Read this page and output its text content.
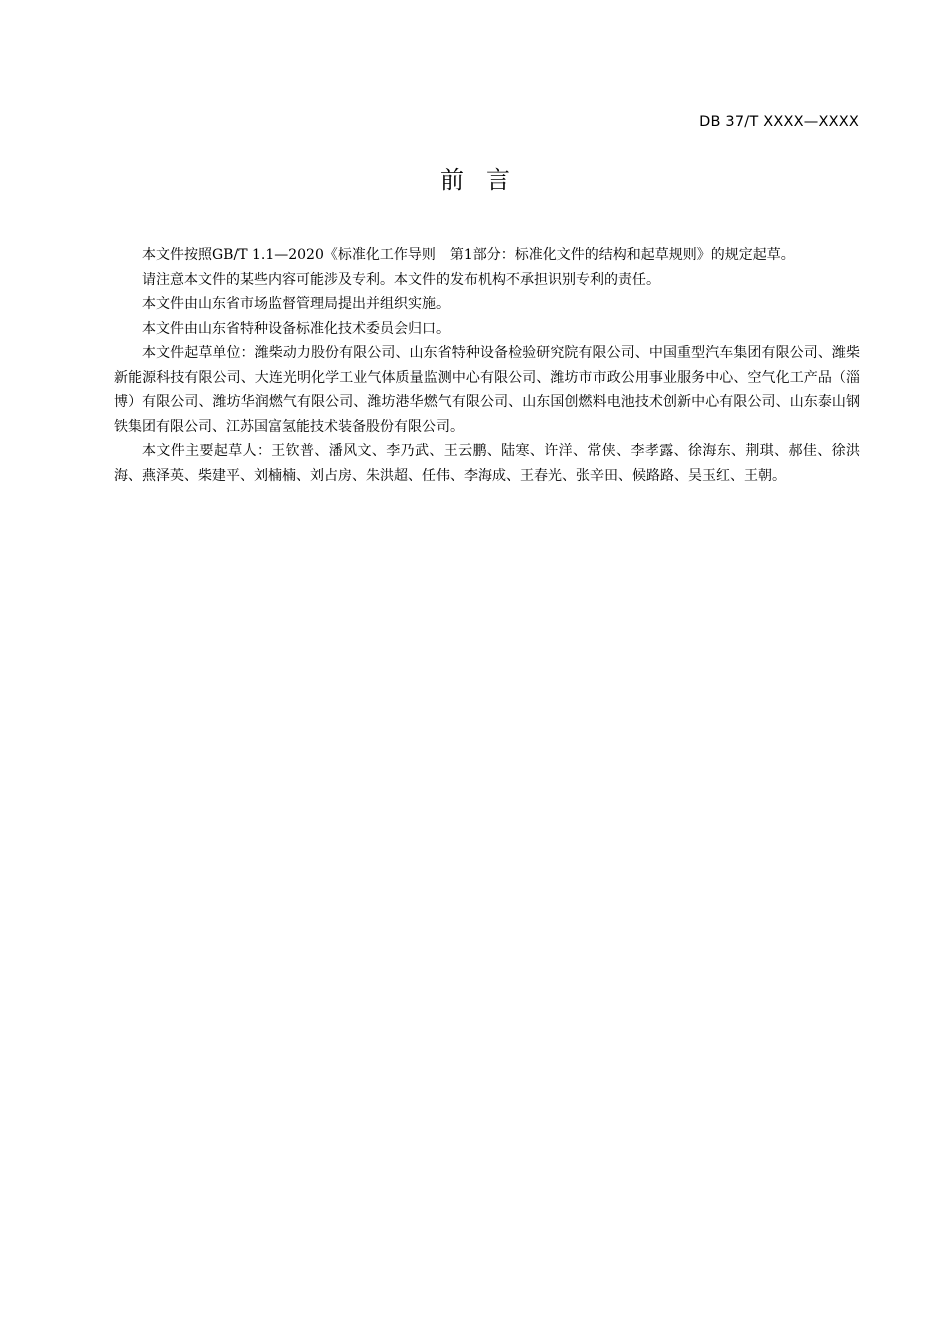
DB 37/T XXXX—XXXX
前言

本文件按照GB/T 1.1—2020《标准化工作导则　第1部分：标准化文件的结构和起草规则》的规定起草。

请注意本文件的某些内容可能涉及专利。本文件的发布机构不承担识别专利的责任。

本文件由山东省市场监督管理局提出并组织实施。

本文件由山东省特种设备标准化技术委员会归口。

本文件起草单位：潍柴动力股份有限公司、山东省特种设备检验研究院有限公司、中国重型汽车集团有限公司、潍柴新能源科技有限公司、大连光明化学工业气体质量监测中心有限公司、潍坊市市政公用事业服务中心、空气化工产品（淄博）有限公司、潍坊华润燃气有限公司、潍坊港华燃气有限公司、山东国创燃料电池技术创新中心有限公司、山东泰山钢铁集团有限公司、江苏国富氢能技术装备股份有限公司。

本文件主要起草人：王钦普、潘风文、李乃武、王云鹏、陆寒、许洋、常侠、李孝露、徐海东、荆琪、郝佳、徐洪海、燕泽英、柴建平、刘楠楠、刘占房、朱洪超、任伟、李海成、王春光、张辛田、候路路、吴玉红、王朝。
